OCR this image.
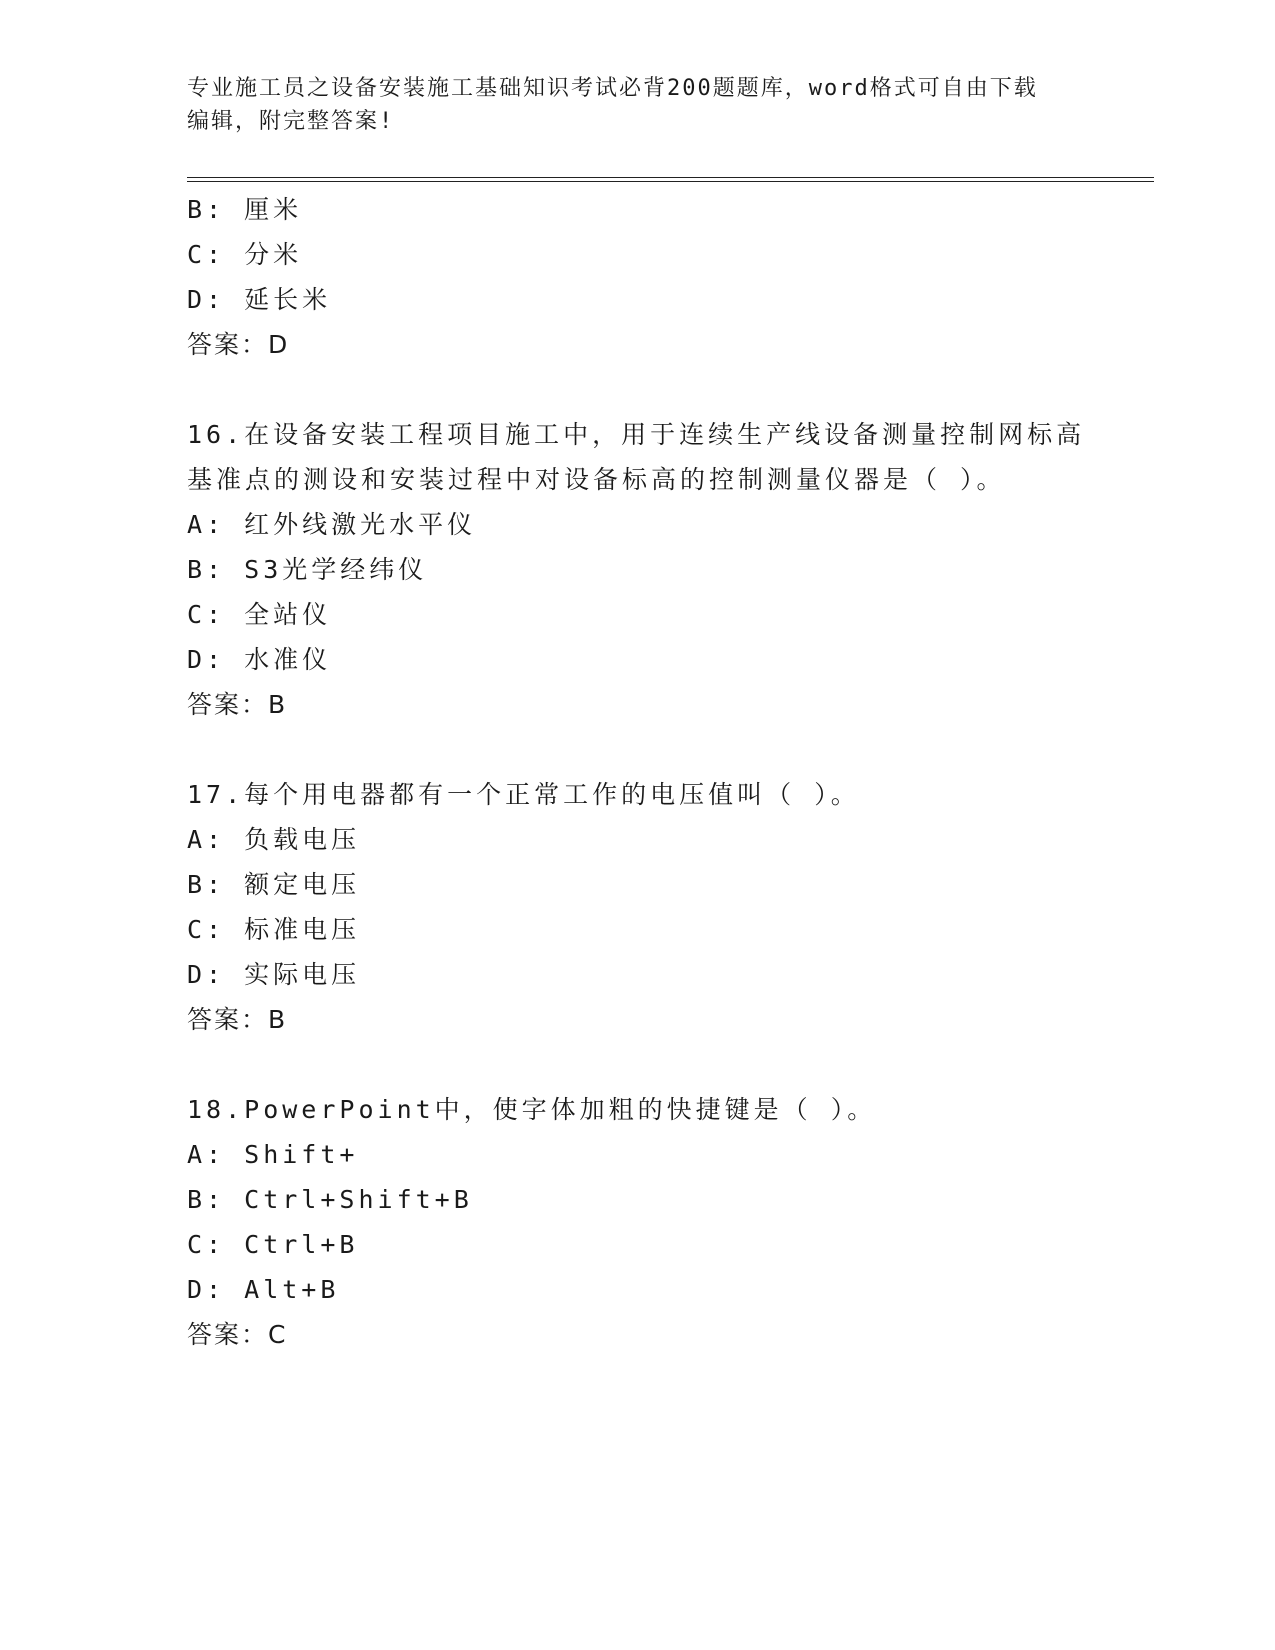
专业施工员之设备安装施工基础知识考试必背200题题库，word格式可自由下载
编辑，附完整答案!
B: 厘米
C: 分米
D: 延长米
答案：D
16.在设备安装工程项目施工中，用于连续生产线设备测量控制网标高
基准点的测设和安装过程中对设备标高的控制测量仪器是（ ）。
A: 红外线激光水平仪
B: S3光学经纬仪
C: 全站仪
D: 水准仪
答案：B
17.每个用电器都有一个正常工作的电压值叫（ ）。
A: 负载电压
B: 额定电压
C: 标准电压
D: 实际电压
答案：B
18.PowerPoint中，使字体加粗的快捷键是（ ）。
A: Shift+
B: Ctrl+Shift+B
C: Ctrl+B
D: Alt+B
答案：C
